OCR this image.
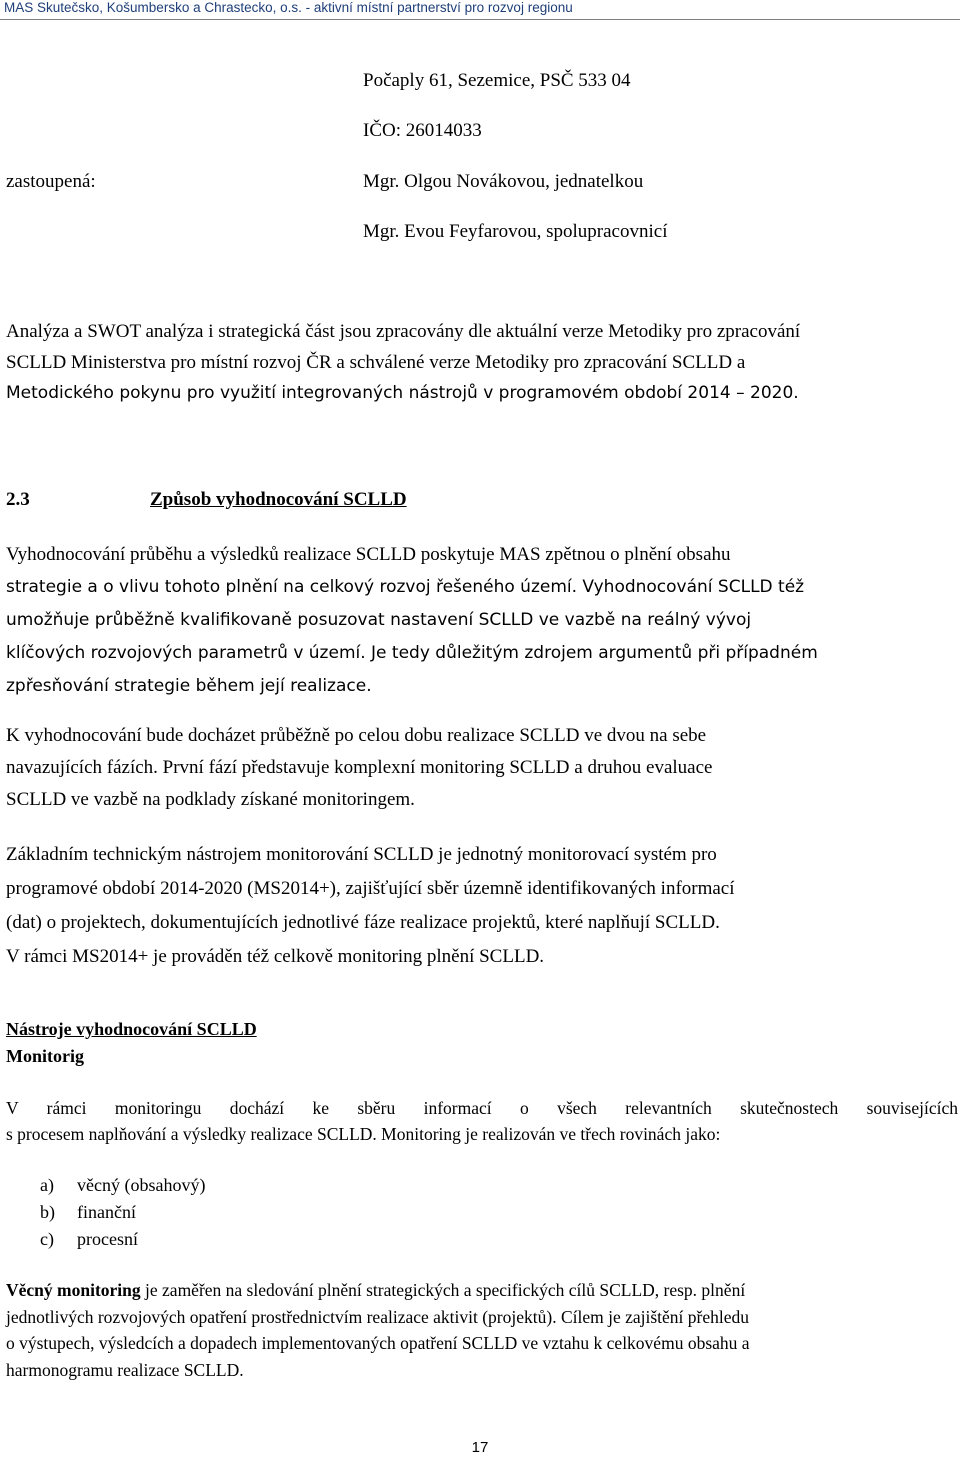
MAS Skutečsko, Košumbersko a Chrastecko, o.s. - aktivní místní partnerství pro rozvoj regionu
Počaply 61, Sezemice, PSČ 533 04
IČO: 26014033
zastoupená:	Mgr. Olgou Novákovou, jednatelkou
Mgr. Evou Feyfarovou, spolupracovnicí
Analýza a SWOT analýza i strategická část jsou zpracovány dle aktuální verze Metodiky pro zpracování
SCLLD Ministerstva pro místní rozvoj ČR a schválené verze Metodiky pro zpracování SCLLD a
Metodického pokynu pro využití integrovaných nástrojů v programovém období 2014 – 2020.
2.3	Způsob vyhodnocování SCLLD
Vyhodnocování průběhu a výsledků realizace SCLLD poskytuje MAS zpětnou o plnění obsahu
strategie a o vlivu tohoto plnění na celkový rozvoj řešeného území. Vyhodnocování SCLLD též
umožňuje průběžně kvalifikovaně posuzovat nastavení SCLLD ve vazbě na reálný vývoj
klíčových rozvojových parametrů v území. Je tedy důležitým zdrojem argumentů při případném
zpřesňování strategie během její realizace.
K vyhodnocování bude docházet průběžně po celou dobu realizace SCLLD ve dvou na sebe
navazujících fázích. První fází představuje komplexní monitoring SCLLD a druhou evaluace
SCLLD ve vazbě na podklady získané monitoringem.
Základním technickým nástrojem monitorování SCLLD je jednotný monitorovací systém pro
programové období 2014-2020 (MS2014+), zajišťující sběr územně identifikovaných informací
(dat) o projektech, dokumentujících jednotlivé fáze realizace projektů, které naplňují SCLLD.
V rámci MS2014+ je prováděn též celkově monitoring plnění SCLLD.
Nástroje vyhodnocování SCLLD
Monitorig
V rámci monitoringu dochází ke sběru informací o všech relevantních skutečnostech souvisejících
s procesem naplňování a výsledky realizace SCLLD. Monitoring je realizován ve třech rovinách jako:
a) věcný (obsahový)
b) finanční
c) procesní
Věcný monitoring je zaměřen na sledování plnění strategických a specifických cílů SCLLD, resp. plnění
jednotlivých rozvojových opatření prostřednictvím realizace aktivit (projektů). Cílem je zajištění přehledu
o výstupech, výsledcích a dopadech implementovaných opatření SCLLD ve vztahu k celkovému obsahu a
harmonogramu realizace SCLLD.
17
